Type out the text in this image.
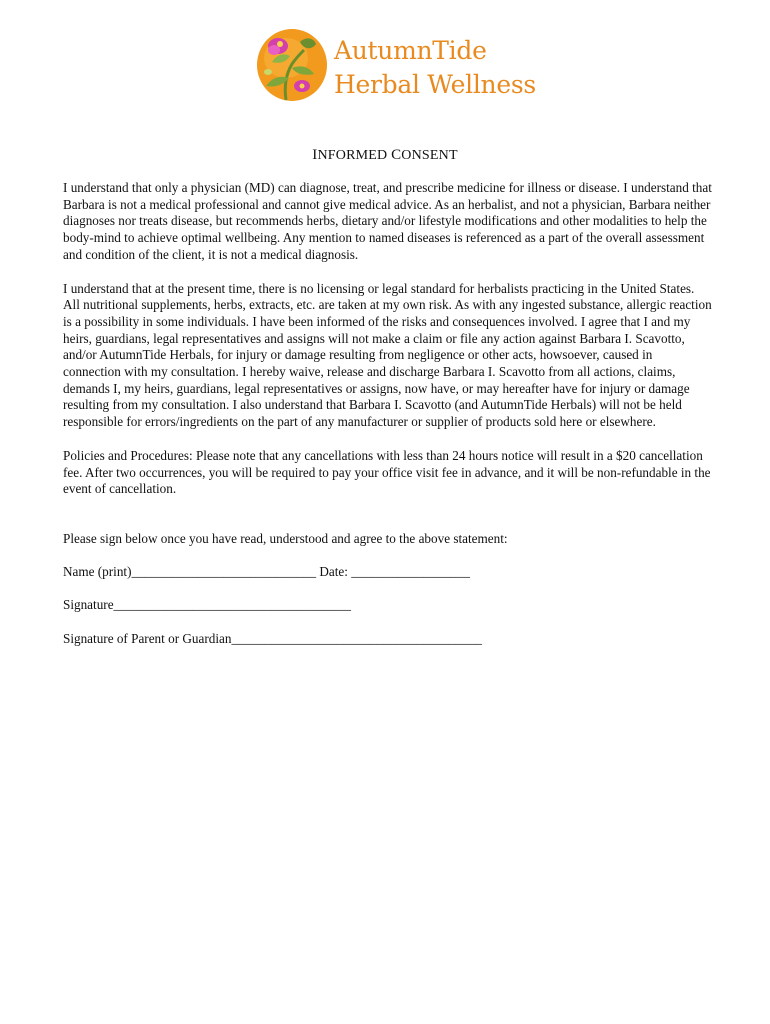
AutumnTide
Herbal Wellness
INFORMED CONSENT

I understand that only a physician (MD) can diagnose, treat, and prescribe medicine for illness or disease. I understand that Barbara is not a medical professional and cannot give medical advice. As an herbalist, and not a physician, Barbara neither diagnoses nor treats disease, but recommends herbs, dietary and/or lifestyle modifications and other modalities to help the body-mind to achieve optimal wellbeing. Any mention to named diseases is referenced as a part of the overall assessment and condition of the client, it is not a medical diagnosis.

I understand that at the present time, there is no licensing or legal standard for herbalists practicing in the United States. All nutritional supplements, herbs, extracts, etc. are taken at my own risk. As with any ingested substance, allergic reaction is a possibility in some individuals. I have been informed of the risks and consequences involved. I agree that I and my heirs, guardians, legal representatives and assigns will not make a claim or file any action against Barbara I. Scavotto, and/or AutumnTide Herbals, for injury or damage resulting from negligence or other acts, howsoever, caused in connection with my consultation. I hereby waive, release and discharge Barbara I. Scavotto from all actions, claims, demands I, my heirs, guardians, legal representatives or assigns, now have, or may hereafter have for injury or damage resulting from my consultation. I also understand that Barbara I. Scavotto (and AutumnTide Herbals) will not be held responsible for errors/ingredients on the part of any manufacturer or supplier of products sold here or elsewhere.

Policies and Procedures: Please note that any cancellations with less than 24 hours notice will result in a $20 cancellation fee. After two occurrences, you will be required to pay your office visit fee in advance, and it will be non-refundable in the event of cancellation.

Please sign below once you have read, understood and agree to the above statement:

Name (print)____________________________ Date: __________________
Signature____________________________________
Signature of Parent or Guardian______________________________________
